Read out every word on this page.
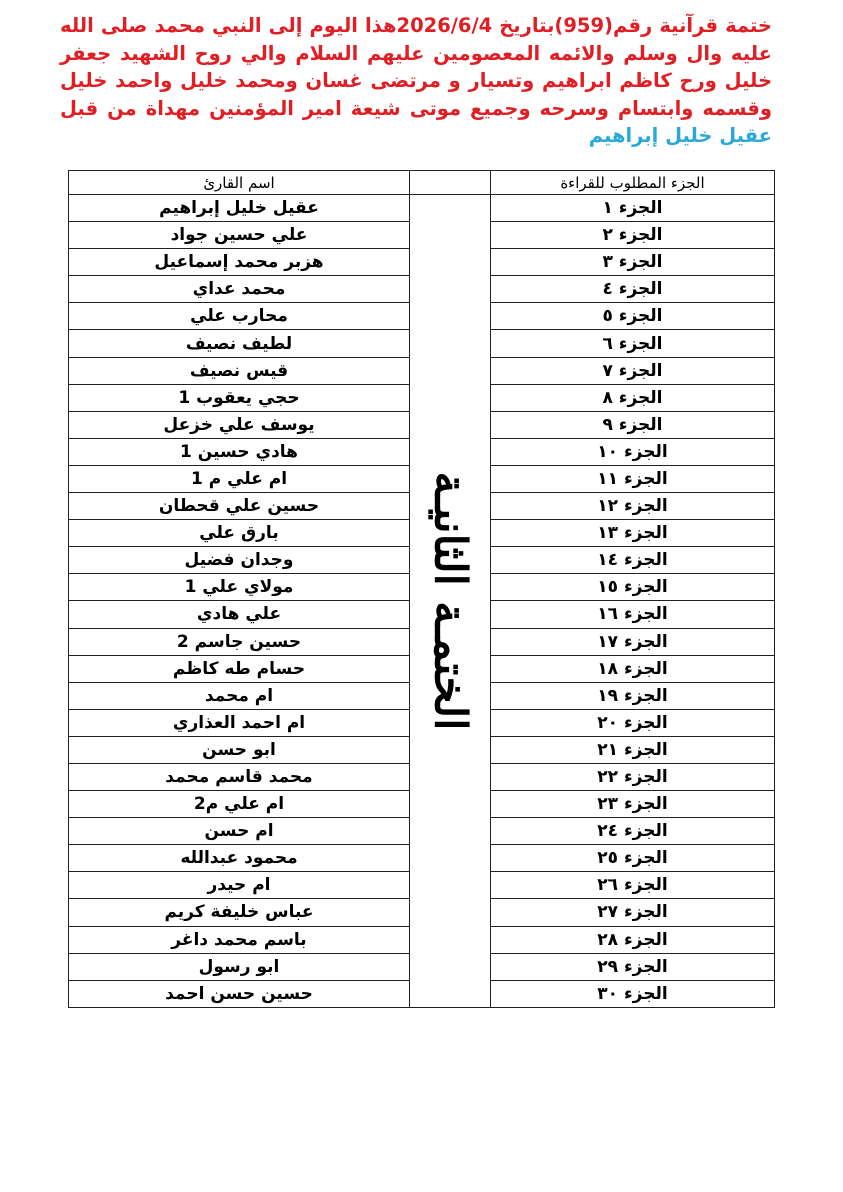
ختمة قرآنية رقم(959)بتاريخ 2026/6/4هذا اليوم إلى النبي محمد صلى الله عليه وال وسلم والائمه المعصومين عليهم السلام والي روح الشهيد جعفر خليل ورح كاظم ابراهيم وتسيار و مرتضى غسان ومحمد خليل واحمد خليل وقسمه وابتسام وسرحه وجميع موتى شيعة امير المؤمنين مهداة من قبل عقيل خليل إبراهيم
الجزء المطلوب للقراءة		اسم القارئ
الجزء ١	الختمـة الثانيـة	عقيل خليل إبراهيم
الجزء ٢		علي حسين جواد
الجزء ٣		هزبر محمد إسماعيل
الجزء ٤		محمد عداي
الجزء ٥		محارب علي
الجزء ٦		لطيف نصيف
الجزء ٧		قيس نصيف
الجزء ٨		حجي يعقوب 1
الجزء ٩		يوسف علي خزعل
الجزء ١٠		هادي حسين 1
الجزء ١١		ام علي م 1
الجزء ١٢		حسين علي قحطان
الجزء ١٣		بارق علي
الجزء ١٤		وجدان فضيل
الجزء ١٥		مولاي علي 1
الجزء ١٦		علي هادي
الجزء ١٧		حسين جاسم 2
الجزء ١٨		حسام طه كاظم
الجزء ١٩		ام محمد
الجزء ٢٠		ام احمد العذاري
الجزء ٢١		ابو حسن
الجزء ٢٢		محمد قاسم محمد
الجزء ٢٣		ام علي م2
الجزء ٢٤		ام حسن
الجزء ٢٥		محمود عبدالله
الجزء ٢٦		ام حيدر
الجزء ٢٧		عباس خليفة كريم
الجزء ٢٨		باسم محمد داغر
الجزء ٢٩		ابو رسول
الجزء ٣٠		حسين حسن احمد
